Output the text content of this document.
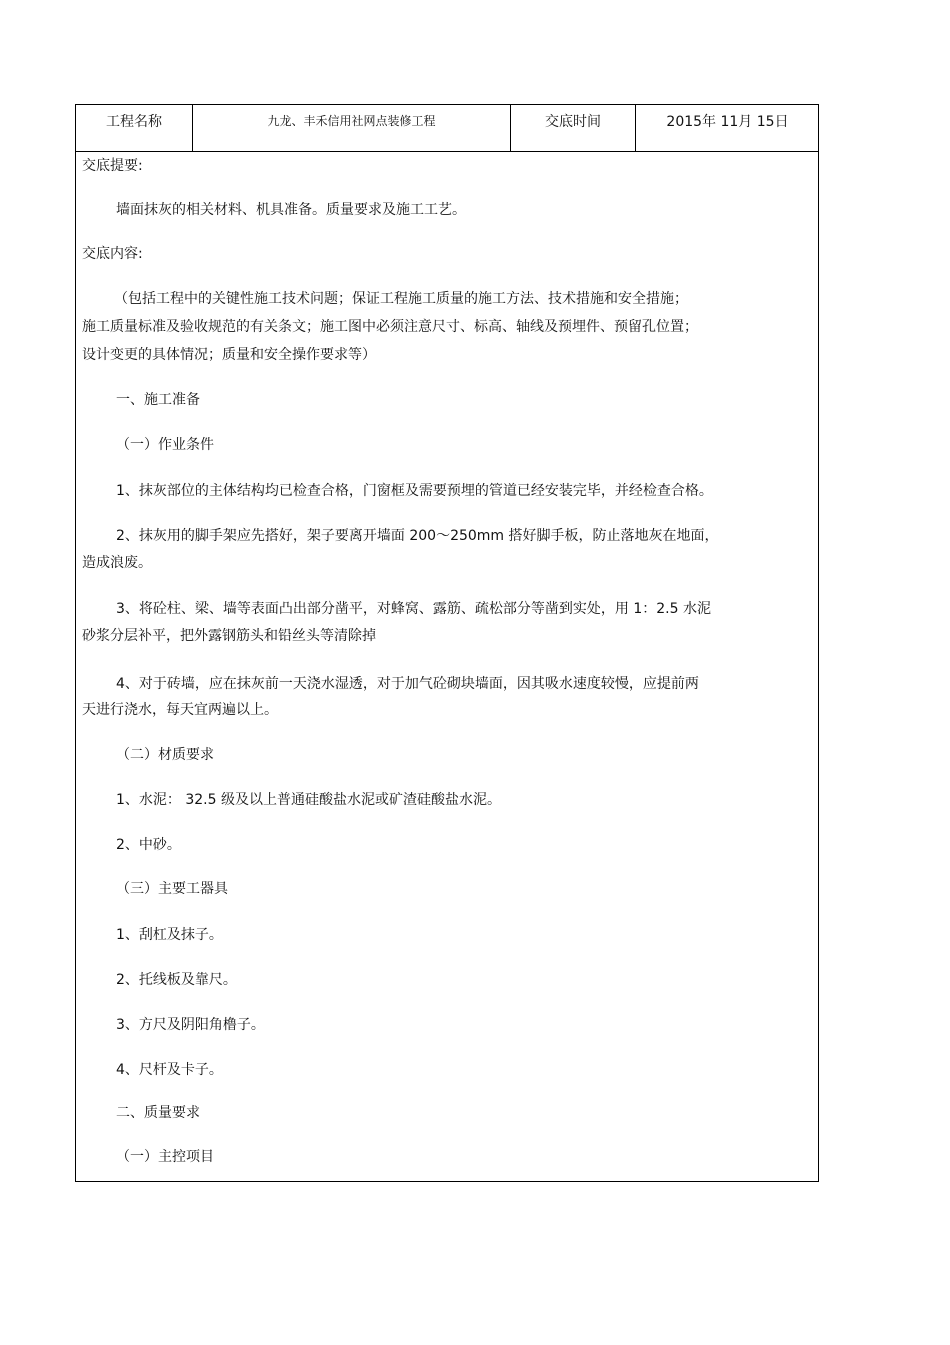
工程名称	九龙、丰禾信用社网点装修工程	交底时间	2015年 11月 15日
交底提要:
墙面抹灰的相关材料、机具准备。质量要求及施工工艺。
交底内容:
（包括工程中的关键性施工技术问题；保证工程施工质量的施工方法、技术措施和安全措施；
施工质量标准及验收规范的有关条文；施工图中必须注意尺寸、标高、轴线及预埋件、预留孔位置；
设计变更的具体情况；质量和安全操作要求等）
一、施工准备
（一）作业条件
1、抹灰部位的主体结构均已检查合格，门窗框及需要预埋的管道已经安装完毕，并经检查合格。
2、抹灰用的脚手架应先搭好，架子要离开墙面 200～250mm 搭好脚手板，防止落地灰在地面，
造成浪废。
3、将砼柱、梁、墙等表面凸出部分凿平，对蜂窝、露筋、疏松部分等凿到实处，用 1：2.5 水泥
砂浆分层补平，把外露钢筋头和铅丝头等清除掉
4、对于砖墙，应在抹灰前一天浇水湿透，对于加气砼砌块墙面，因其吸水速度较慢，应提前两
天进行浇水，每天宜两遍以上。
（二）材质要求
1、水泥： 32.5 级及以上普通硅酸盐水泥或矿渣硅酸盐水泥。
2、中砂。
（三）主要工器具
1、刮杠及抹子。
2、托线板及靠尺。
3、方尺及阴阳角橹子。
4、尺杆及卡子。
二、质量要求
（一）主控项目
